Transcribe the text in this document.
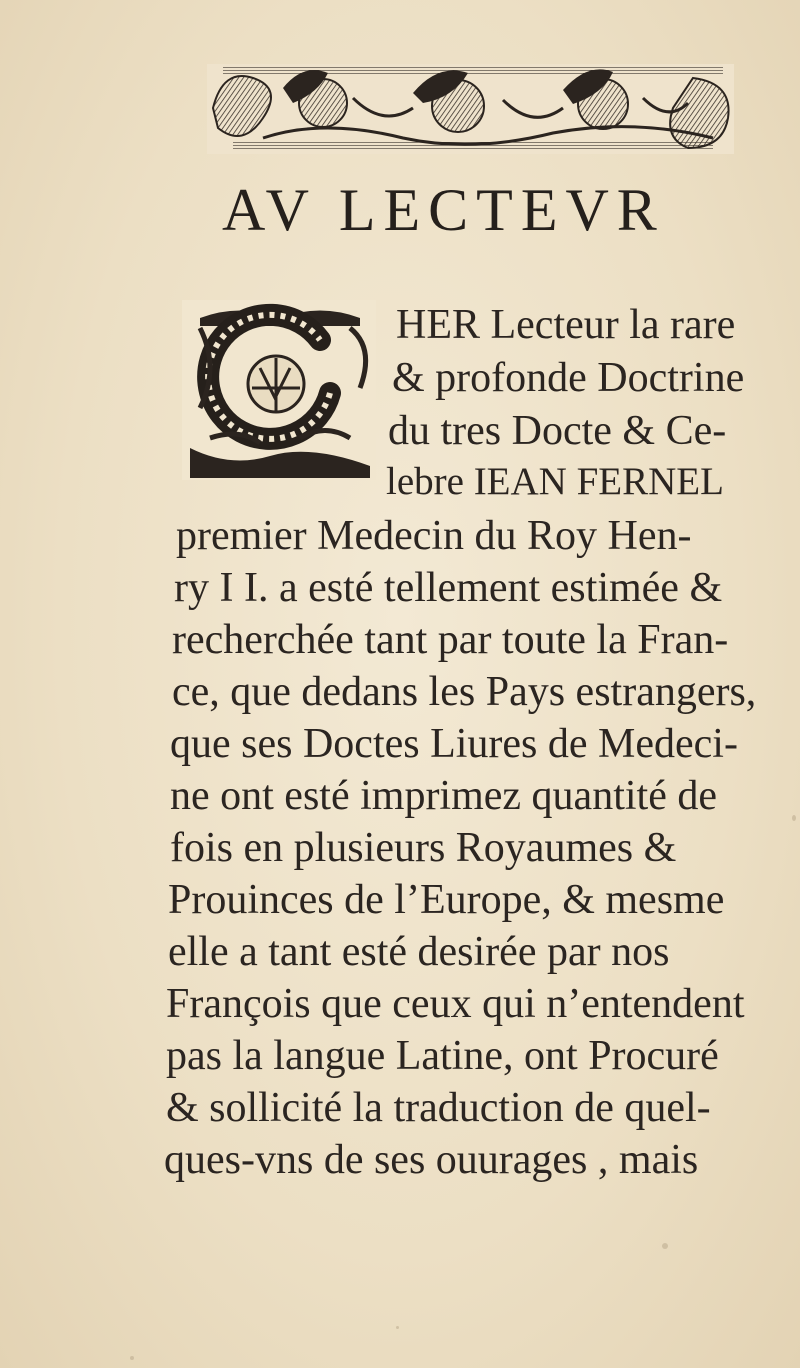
AV LECTEVR
HER Lecteur la rare
& profonde Doctrine
du tres Docte & Ce-
lebre IEAN FERNEL
premier Medecin du Roy Hen-
ry I I. a esté tellement estimée &
recherchée tant par toute la Fran-
ce, que dedans les Pays estrangers,
que ses Doctes Liures de Medeci-
ne ont esté imprimez quantité de
fois en plusieurs Royaumes &
Prouinces de l’Europe, & mesme
elle a tant esté desirée par nos
François que ceux qui n’entendent
pas la langue Latine, ont Procuré
& sollicité la traduction de quel-
ques-vns de ses ouurages , mais
